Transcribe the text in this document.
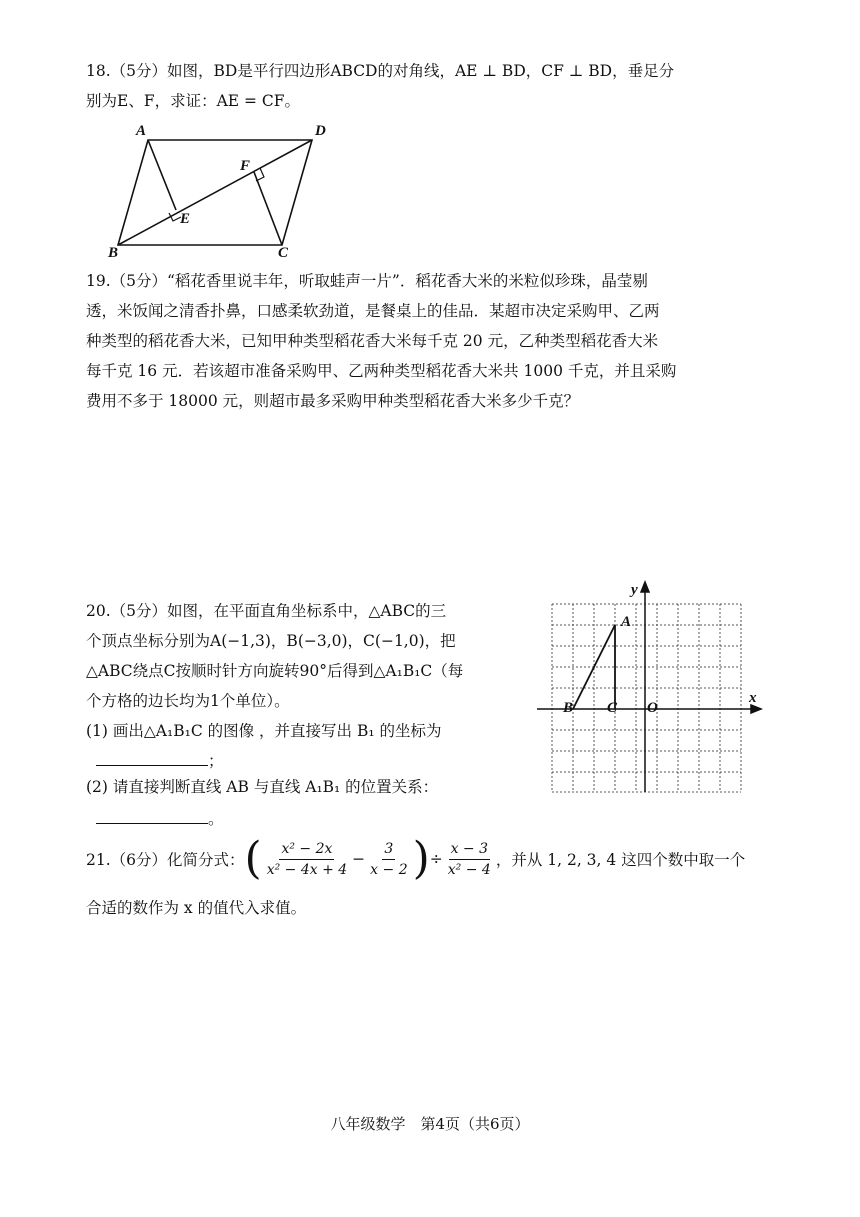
18.（5分）如图，BD是平行四边形ABCD的对角线，AE ⊥ BD，CF ⊥ BD，垂足分
别为E、F，求证：AE = CF。
A	D
B	C
E
F
19.（5分）“稻花香里说丰年，听取蛙声一片”．稻花香大米的米粒似珍珠，晶莹剔
透，米饭闻之清香扑鼻，口感柔软劲道，是餐桌上的佳品．某超市决定采购甲、乙两
种类型的稻花香大米，已知甲种类型稻花香大米每千克 20 元，乙种类型稻花香大米
每千克 16 元．若该超市准备采购甲、乙两种类型稻花香大米共 1000 千克，并且采购
费用不多于 18000 元，则超市最多采购甲种类型稻花香大米多少千克？
20.（5分）如图，在平面直角坐标系中，△ABC的三
个顶点坐标分别为A(−1,3)，B(−3,0)，C(−1,0)，把
△ABC绕点C按顺时针方向旋转90°后得到△A₁B₁C（每
个方格的边长均为1个单位）。
(1) 画出△A₁B₁C 的图像 ，并直接写出 B₁ 的坐标为
；
(2) 请直接判断直线 AB 与直线 A₁B₁ 的位置关系：
。
y
x
A
B C O
21.（6分）化简分式： ( $\frac{\text{x² − 2x}}{\text{x² − 4x + 4}} - \frac{3}{x - 2}$ ) ÷ $\frac{x - 3}{\text{x² − 4}}$ ，并从 1, 2, 3, 4 这四个数中取一个
合适的数作为 x 的值代入求值。
八年级数学　第4页（共6页）
